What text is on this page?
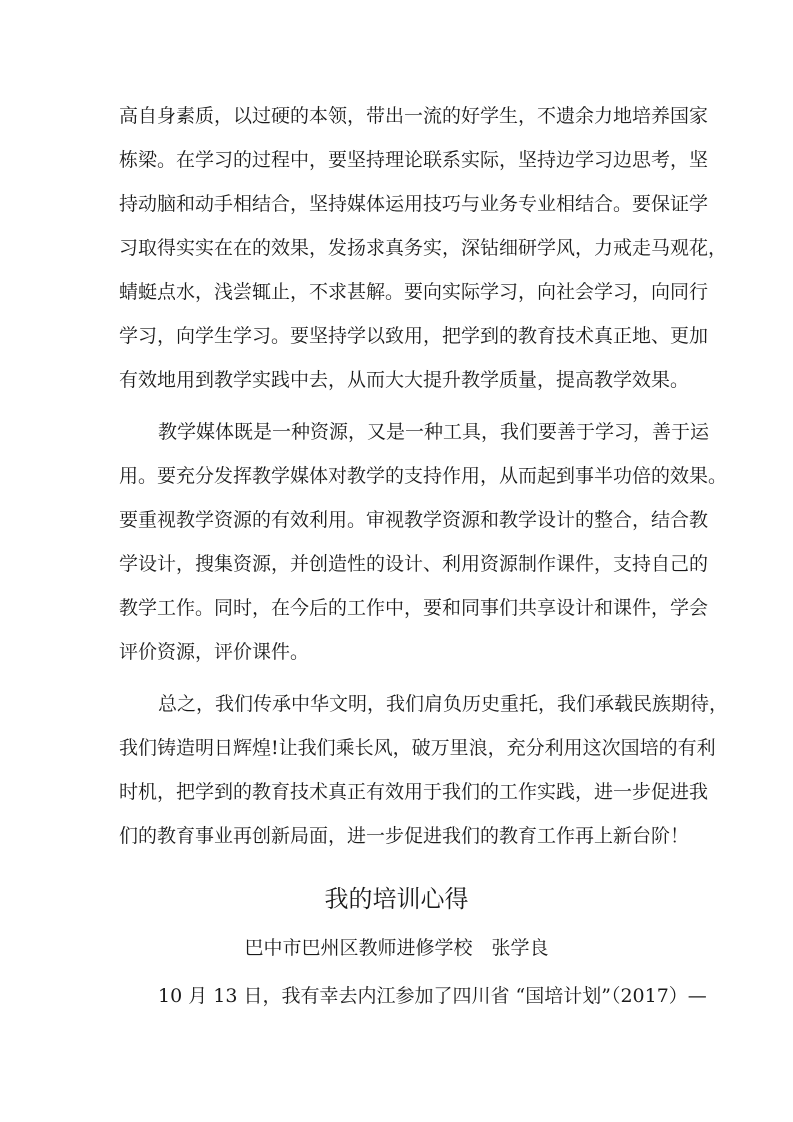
高自身素质，以过硬的本领，带出一流的好学生，不遗余力地培养国家
栋梁。在学习的过程中，要坚持理论联系实际，坚持边学习边思考，坚
持动脑和动手相结合，坚持媒体运用技巧与业务专业相结合。要保证学
习取得实实在在的效果，发扬求真务实，深钻细研学风，力戒走马观花，
蜻蜓点水，浅尝辄止，不求甚解。要向实际学习，向社会学习，向同行
学习，向学生学习。要坚持学以致用，把学到的教育技术真正地、更加
有效地用到教学实践中去，从而大大提升教学质量，提高教学效果。
教学媒体既是一种资源，又是一种工具，我们要善于学习，善于运
用。要充分发挥教学媒体对教学的支持作用，从而起到事半功倍的效果。
要重视教学资源的有效利用。审视教学资源和教学设计的整合，结合教
学设计，搜集资源，并创造性的设计、利用资源制作课件，支持自己的
教学工作。同时，在今后的工作中，要和同事们共享设计和课件，学会
评价资源，评价课件。
总之，我们传承中华文明，我们肩负历史重托，我们承载民族期待，
我们铸造明日辉煌!让我们乘长风，破万里浪，充分利用这次国培的有利
时机，把学到的教育技术真正有效用于我们的工作实践，进一步促进我
们的教育事业再创新局面，进一步促进我们的教育工作再上新台阶！
我的培训心得
巴中市巴州区教师进修学校　张学良
10 月 13 日，我有幸去内江参加了四川省 “国培计划”（2017）—
